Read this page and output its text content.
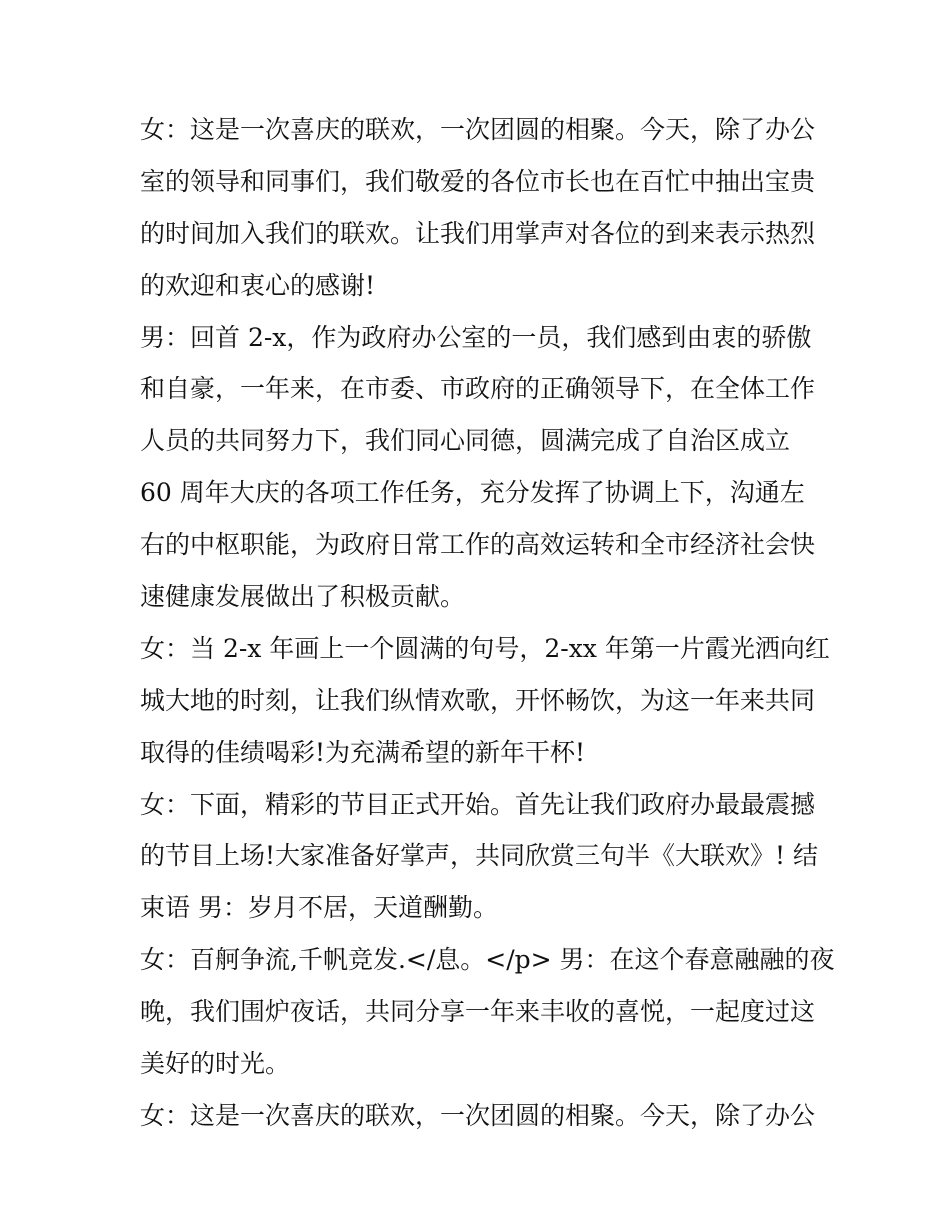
女：这是一次喜庆的联欢，一次团圆的相聚。今天，除了办公
室的领导和同事们，我们敬爱的各位市长也在百忙中抽出宝贵
的时间加入我们的联欢。让我们用掌声对各位的到来表示热烈
的欢迎和衷心的感谢!
男：回首 2-x，作为政府办公室的一员，我们感到由衷的骄傲
和自豪，一年来，在市委、市政府的正确领导下，在全体工作
人员的共同努力下，我们同心同德，圆满完成了自治区成立
60 周年大庆的各项工作任务，充分发挥了协调上下，沟通左
右的中枢职能，为政府日常工作的高效运转和全市经济社会快
速健康发展做出了积极贡献。
女：当 2-x 年画上一个圆满的句号，2-xx 年第一片霞光洒向红
城大地的时刻，让我们纵情欢歌，开怀畅饮，为这一年来共同
取得的佳绩喝彩!为充满希望的新年干杯!
女：下面，精彩的节目正式开始。首先让我们政府办最最震撼
的节目上场!大家准备好掌声，共同欣赏三句半《大联欢》! 结
束语 男：岁月不居，天道酬勤。
女：百舸争流,千帆竞发.</息。</p> 男：在这个春意融融的夜
晚，我们围炉夜话，共同分享一年来丰收的喜悦，一起度过这
美好的时光。
女：这是一次喜庆的联欢，一次团圆的相聚。今天，除了办公
